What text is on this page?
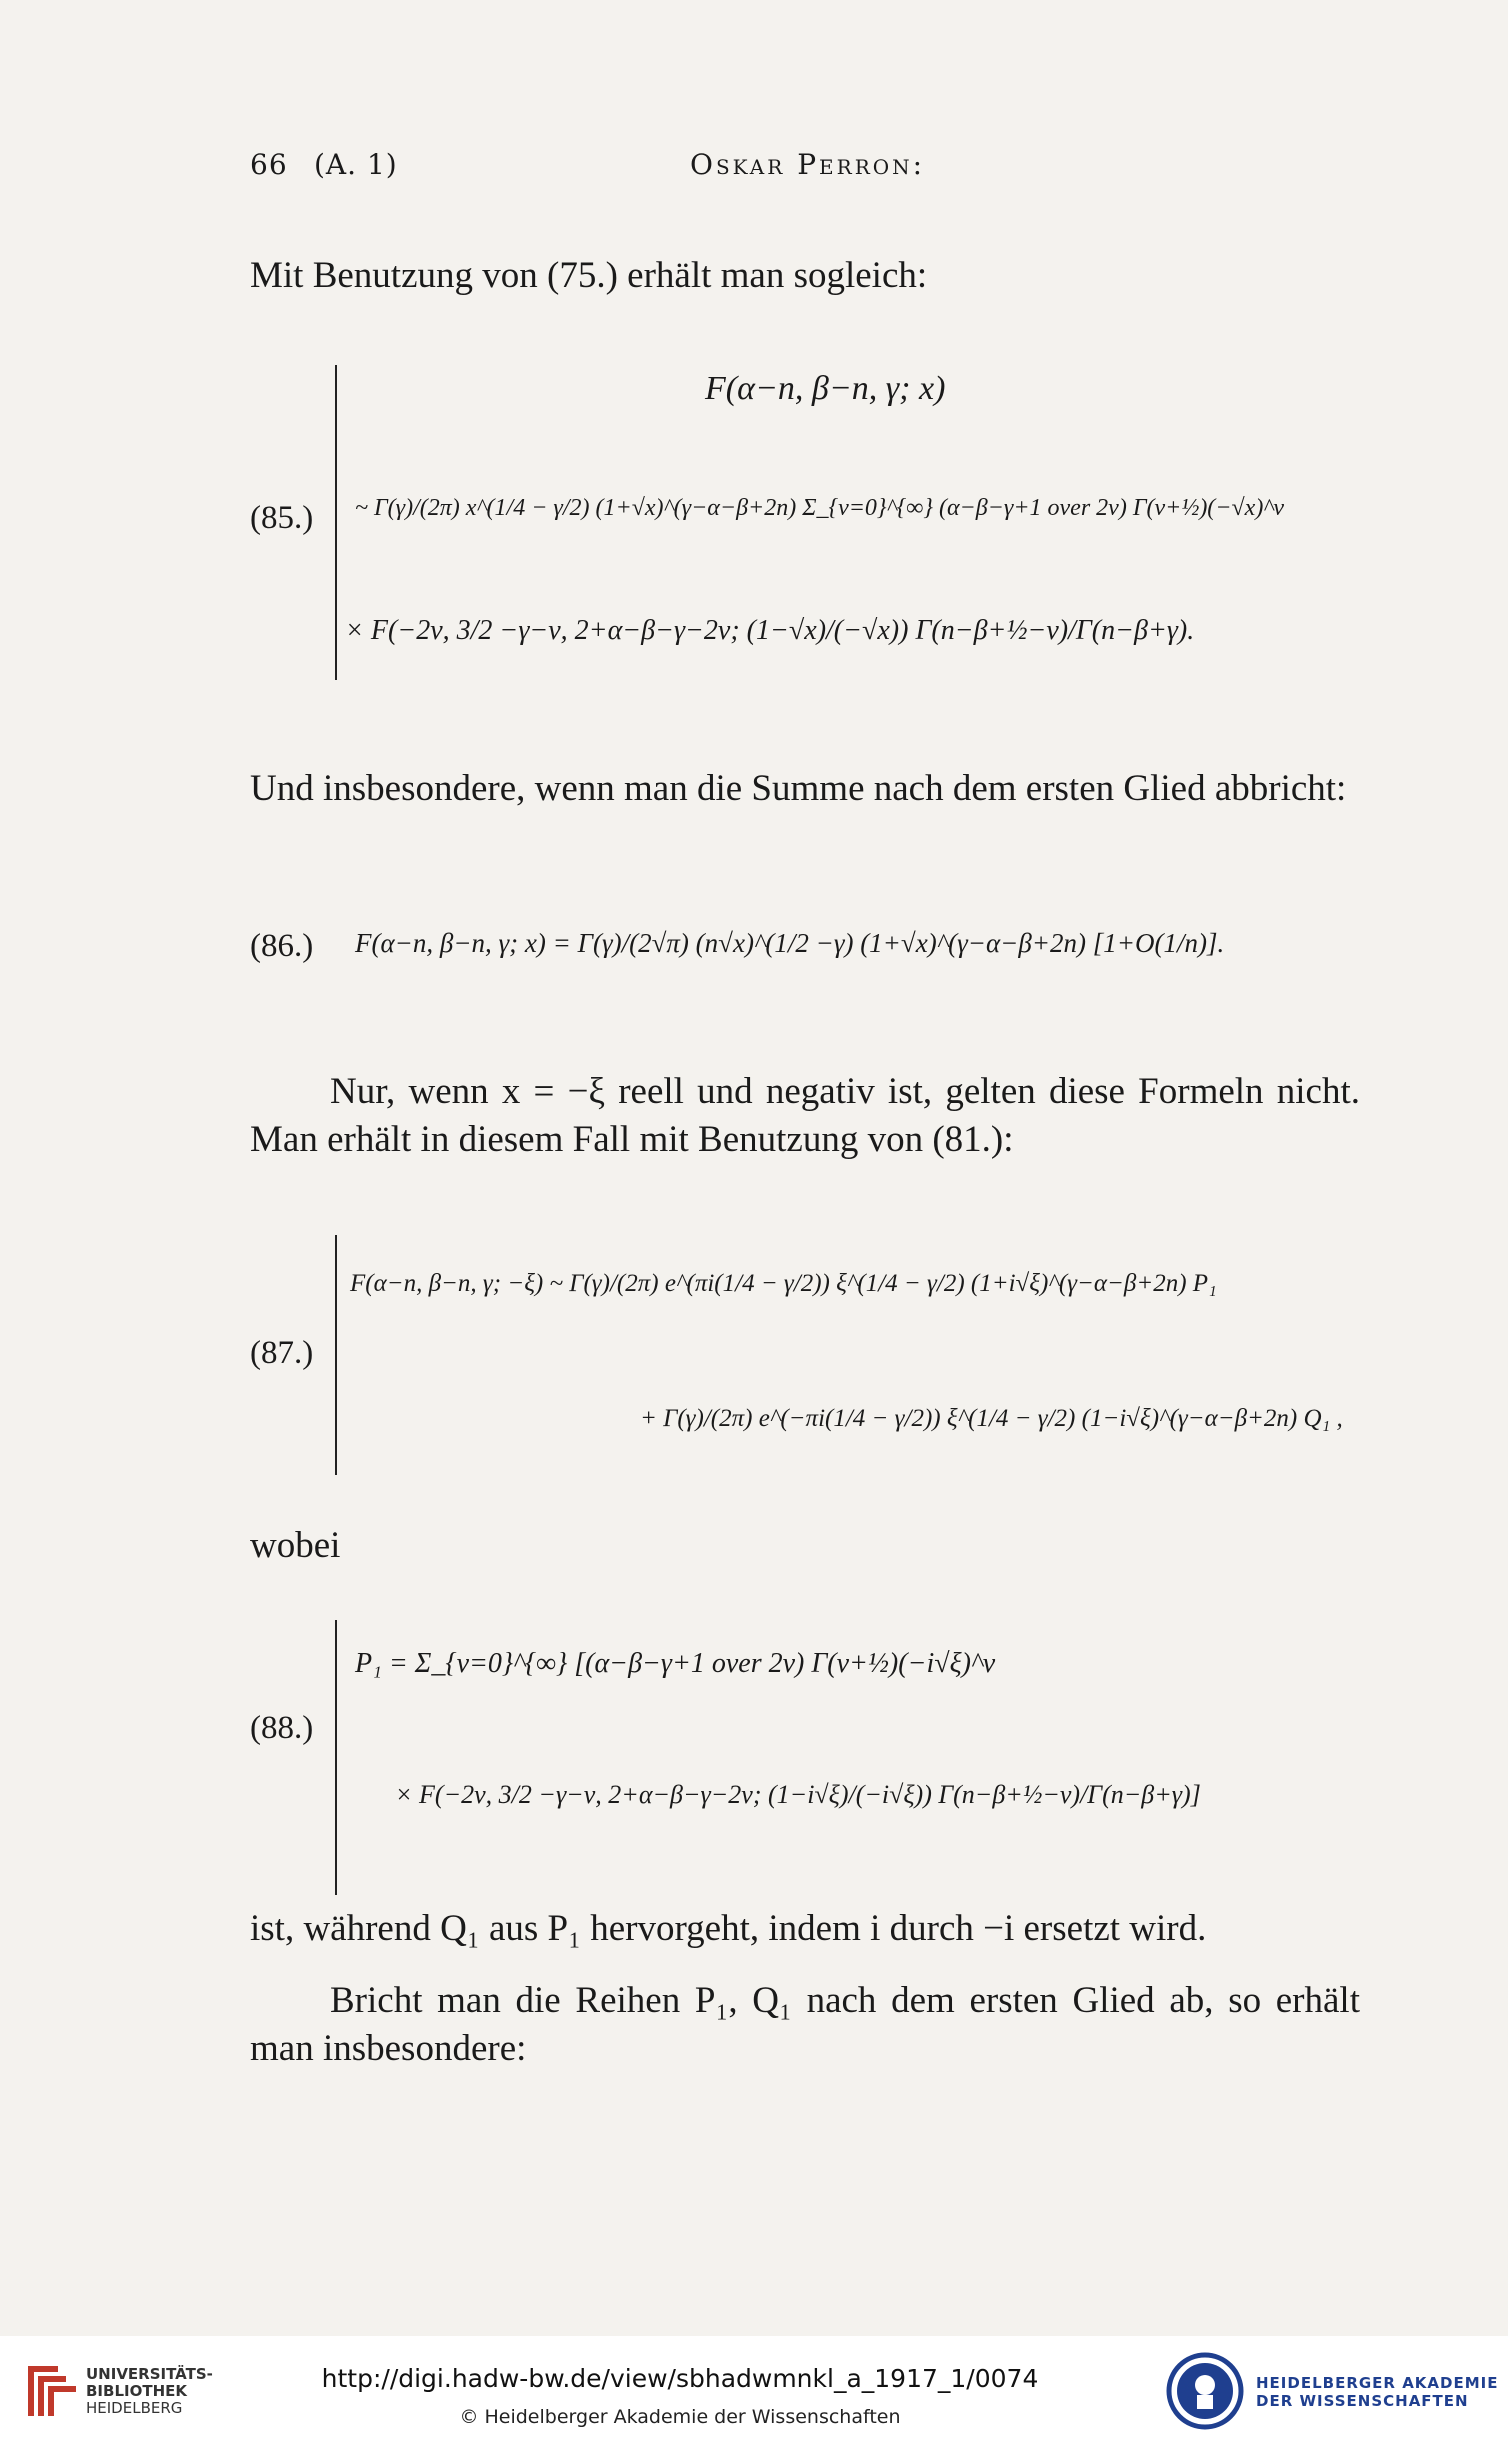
66 (A. 1)	Oskar Perron:
Mit Benutzung von (75.) erhält man sogleich:
(85.)
F(α−n, β−n, γ; x)
~ Γ(γ)/(2π) x^(1/4 − γ/2) (1+√x)^(γ−α−β+2n) Σ_{ν=0}^{∞} (α−β−γ+1 over 2ν) Γ(ν+½)(−√x)^ν
× F(−2ν, 3/2 −γ−ν, 2+α−β−γ−2ν; (1−√x)/(−√x)) Γ(n−β+½−ν)/Γ(n−β+γ).
Und insbesondere, wenn man die Summe nach dem ersten Glied abbricht:
(86.) F(α−n, β−n, γ; x) = Γ(γ)/(2√π) (n√x)^(1/2 −γ) (1+√x)^(γ−α−β+2n) [1+O(1/n)].
Nur, wenn x = −ξ reell und negativ ist, gelten diese Formeln nicht. Man erhält in diesem Fall mit Benutzung von (81.):
(87.)
F(α−n, β−n, γ; −ξ) ~ Γ(γ)/(2π) e^(πi(1/4 − γ/2)) ξ^(1/4 − γ/2) (1+i√ξ)^(γ−α−β+2n) P₁
+ Γ(γ)/(2π) e^(−πi(1/4 − γ/2)) ξ^(1/4 − γ/2) (1−i√ξ)^(γ−α−β+2n) Q₁ ,
wobei
(88.)
P₁ = Σ_{ν=0}^{∞} [(α−β−γ+1 over 2ν) Γ(ν+½)(−i√ξ)^ν
× F(−2ν, 3/2 −γ−ν, 2+α−β−γ−2ν; (1−i√ξ)/(−i√ξ)) Γ(n−β+½−ν)/Γ(n−β+γ)]
ist, während Q₁ aus P₁ hervorgeht, indem i durch −i ersetzt wird.
Bricht man die Reihen P₁, Q₁ nach dem ersten Glied ab, so erhält man insbesondere:
UNIVERSITÄTS-
BIBLIOTHEK
HEIDELBERG
http://digi.hadw-bw.de/view/sbhadwmnkl_a_1917_1/0074
© Heidelberger Akademie der Wissenschaften
HEIDELBERGER AKADEMIE
DER WISSENSCHAFTEN
